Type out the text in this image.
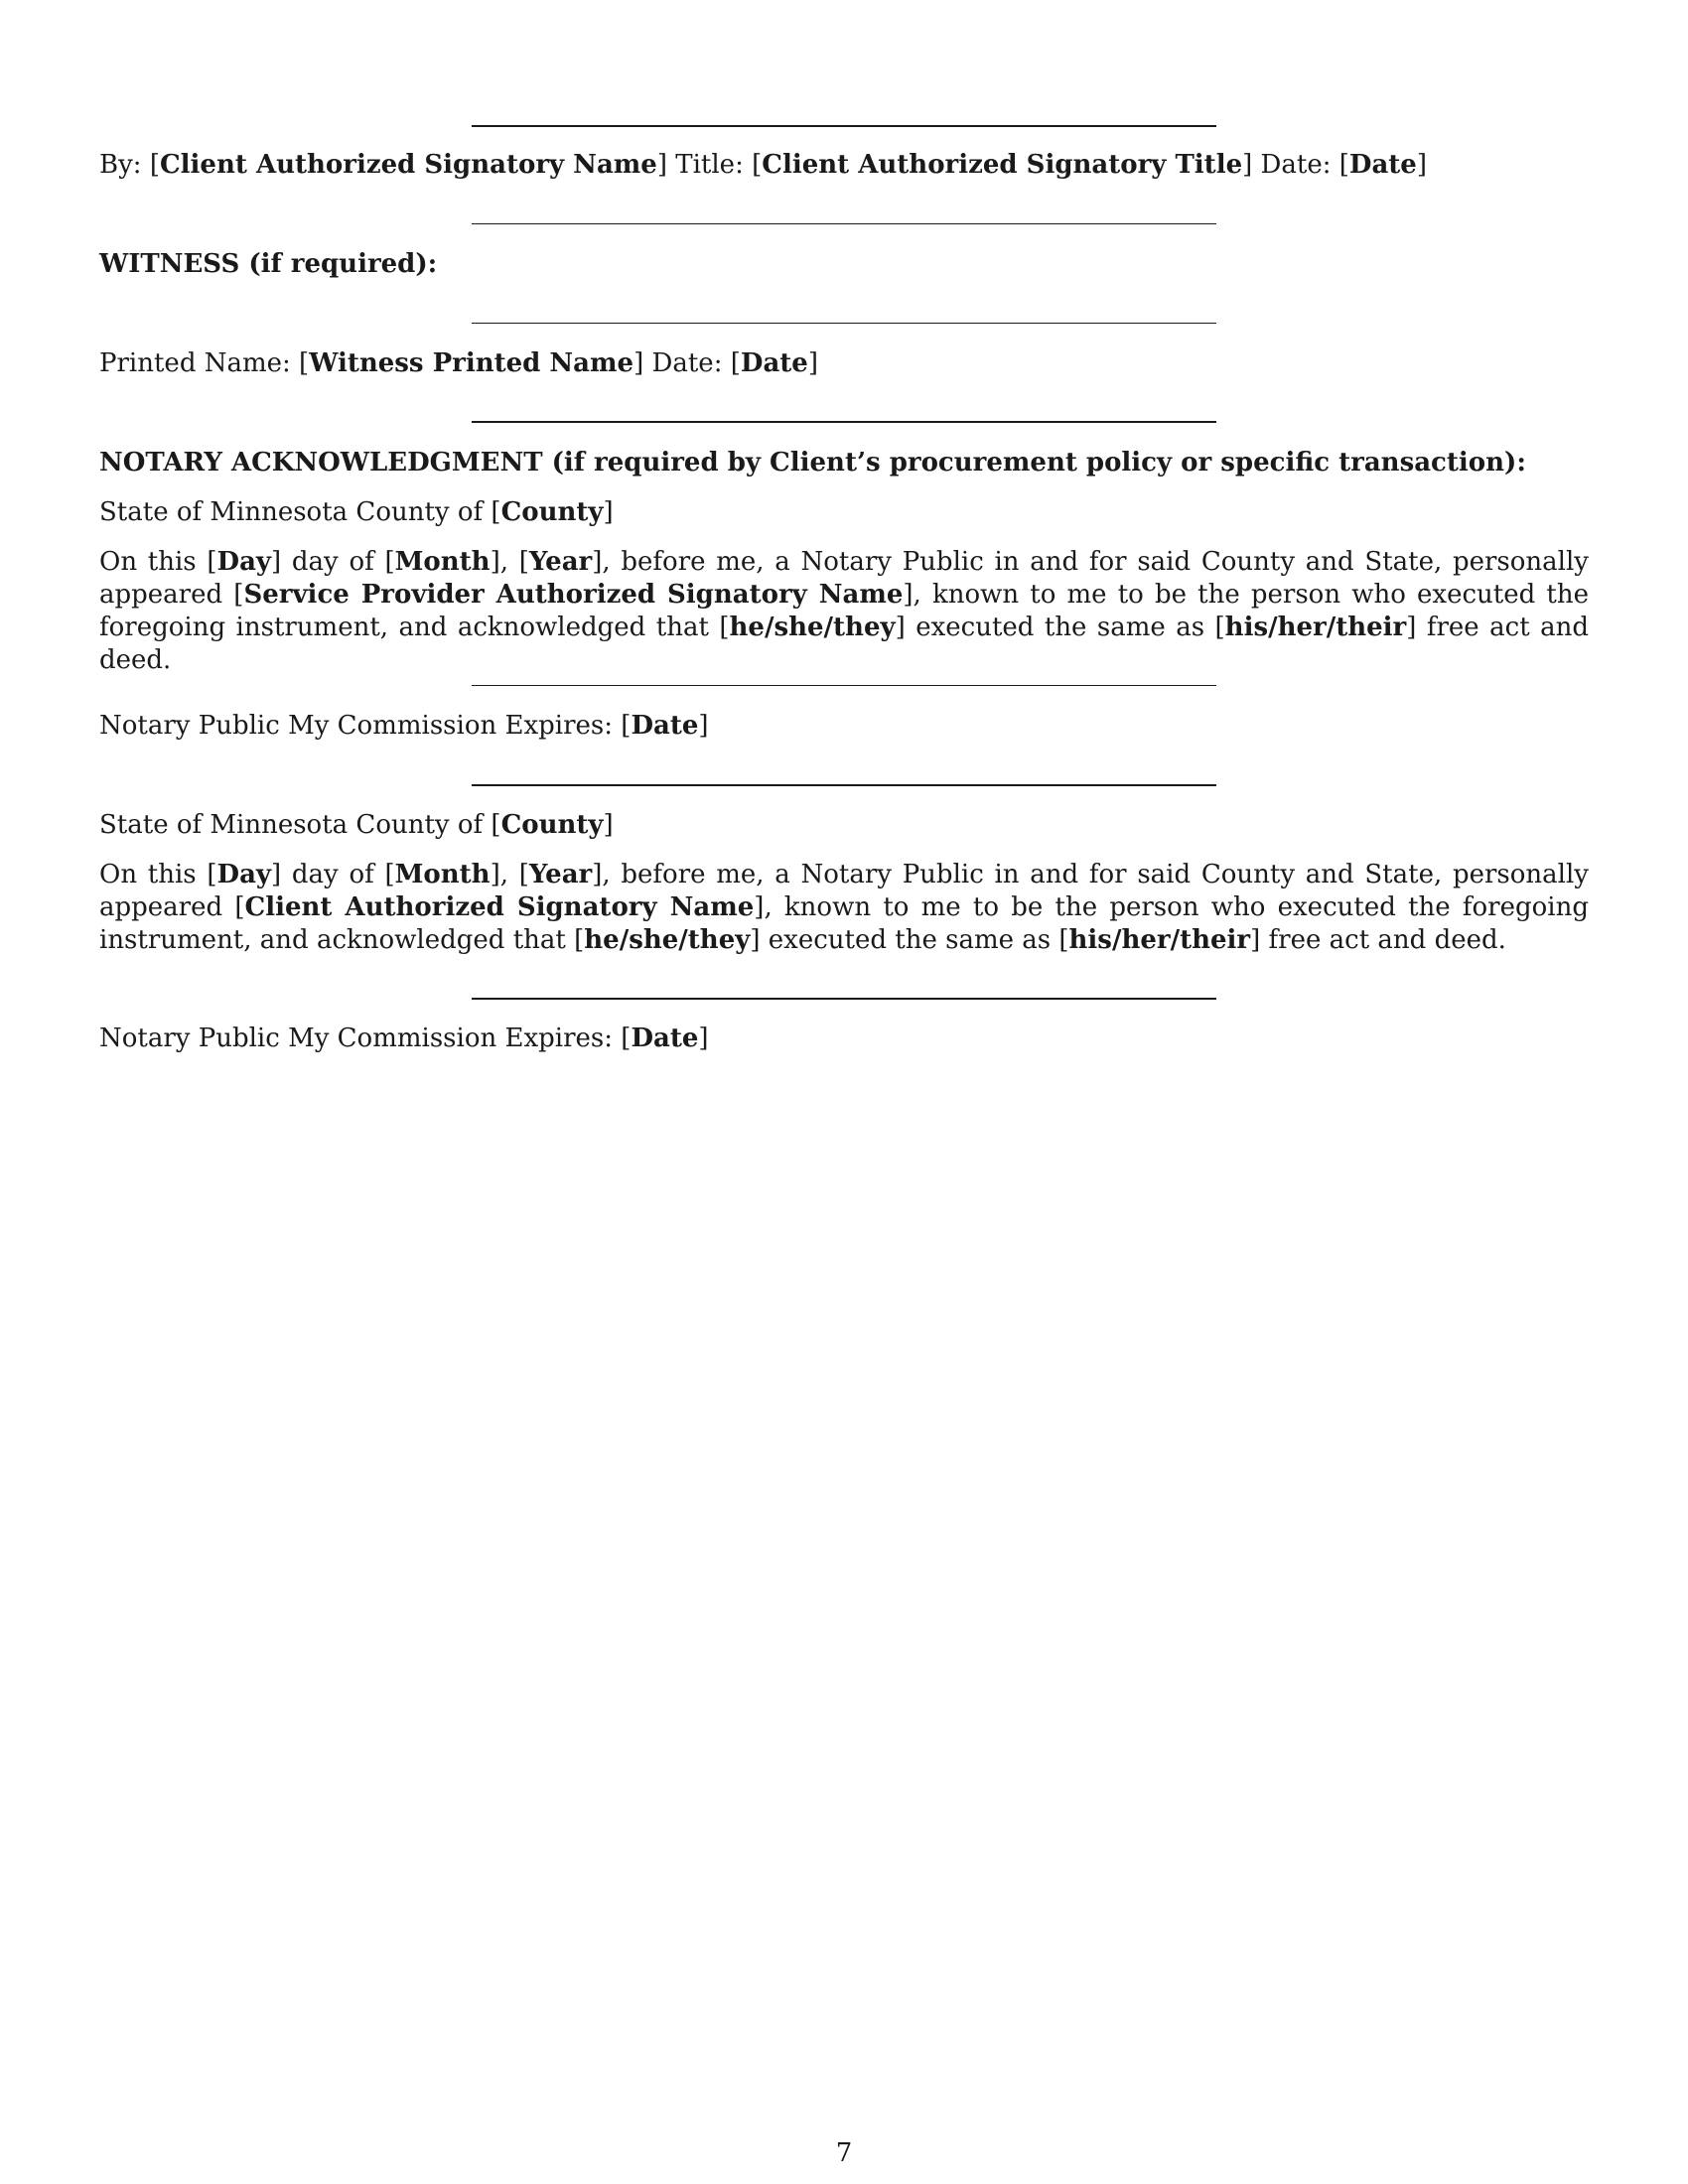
By: [Client Authorized Signatory Name] Title: [Client Authorized Signatory Title] Date: [Date]
WITNESS (if required):
Printed Name: [Witness Printed Name] Date: [Date]
NOTARY ACKNOWLEDGMENT (if required by Client’s procurement policy or specific transaction):
State of Minnesota County of [County]
On this [Day] day of [Month], [Year], before me, a Notary Public in and for said County and State, personally appeared [Service Provider Authorized Signatory Name], known to me to be the person who executed the foregoing instrument, and acknowledged that [he/she/they] executed the same as [his/her/their] free act and deed.
Notary Public My Commission Expires: [Date]
State of Minnesota County of [County]
On this [Day] day of [Month], [Year], before me, a Notary Public in and for said County and State, personally appeared [Client Authorized Signatory Name], known to me to be the person who executed the foregoing instrument, and acknowledged that [he/she/they] executed the same as [his/her/their] free act and deed.
Notary Public My Commission Expires: [Date]
7
